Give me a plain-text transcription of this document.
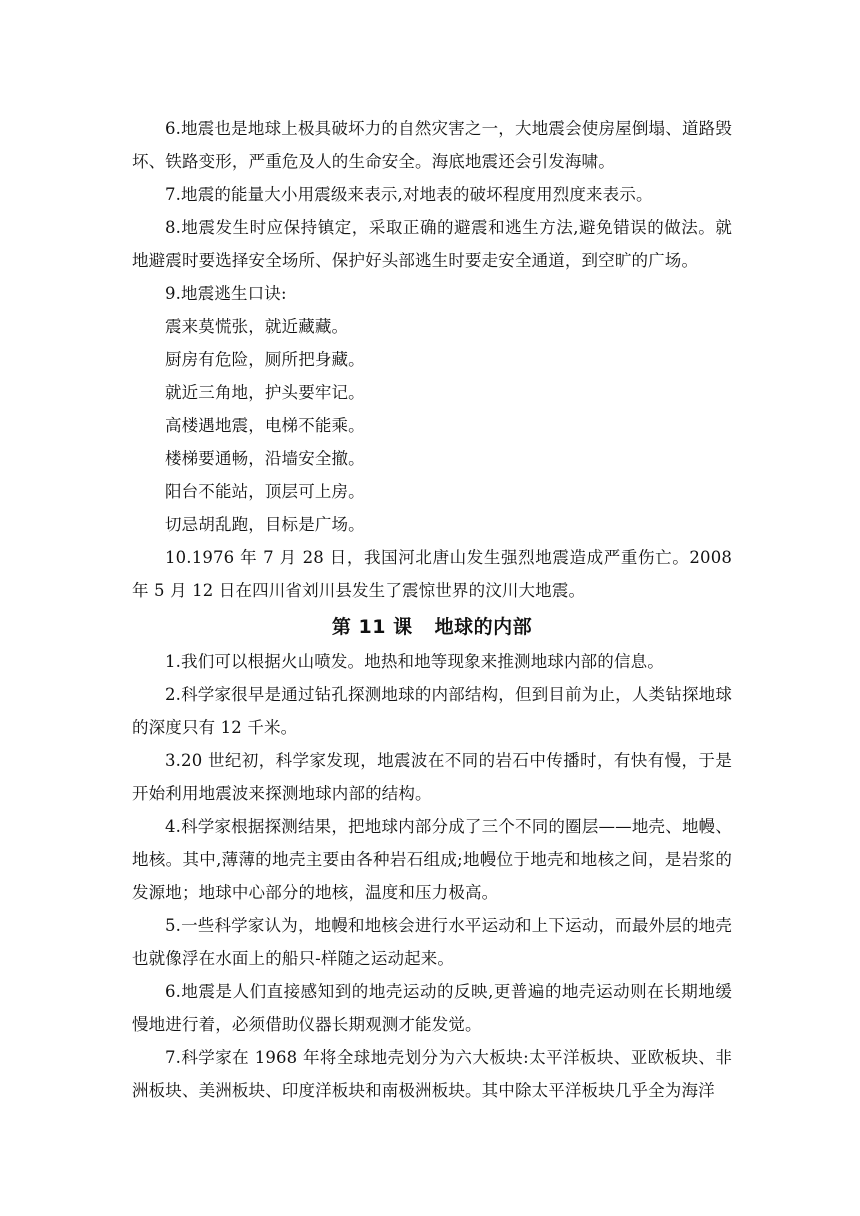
6.地震也是地球上极具破坏力的自然灾害之一，大地震会使房屋倒塌、道路毁坏、铁路变形，严重危及人的生命安全。海底地震还会引发海啸。

7.地震的能量大小用震级来表示,对地表的破坏程度用烈度来表示。

8.地震发生时应保持镇定，采取正确的避震和逃生方法,避免错误的做法。就地避震时要选择安全场所、保护好头部逃生时要走安全通道，到空旷的广场。

9.地震逃生口诀:

震来莫慌张，就近藏藏。

厨房有危险，厕所把身藏。

就近三角地，护头要牢记。

高楼遇地震，电梯不能乘。

楼梯要通畅，沿墙安全撤。

阳台不能站，顶层可上房。

切忌胡乱跑，目标是广场。

10.1976 年 7 月 28 日，我国河北唐山发生强烈地震造成严重伤亡。2008 年 5 月 12 日在四川省刘川县发生了震惊世界的汶川大地震。

第 11 课 地球的内部

1.我们可以根据火山喷发。地热和地等现象来推测地球内部的信息。

2.科学家很早是通过钻孔探测地球的内部结构，但到目前为止，人类钻探地球的深度只有 12 千米。

3.20 世纪初，科学家发现，地震波在不同的岩石中传播时，有快有慢，于是开始利用地震波来探测地球内部的结构。

4.科学家根据探测结果，把地球内部分成了三个不同的圈层——地壳、地幔、地核。其中,薄薄的地壳主要由各种岩石组成;地幔位于地壳和地核之间，是岩浆的发源地；地球中心部分的地核，温度和压力极高。

5.一些科学家认为，地幔和地核会进行水平运动和上下运动，而最外层的地壳也就像浮在水面上的船只-样随之运动起来。

6.地震是人们直接感知到的地壳运动的反映,更普遍的地壳运动则在长期地缓慢地进行着，必须借助仪器长期观测才能发觉。

7.科学家在 1968 年将全球地壳划分为六大板块:太平洋板块、亚欧板块、非洲板块、美洲板块、印度洋板块和南极洲板块。其中除太平洋板块几乎全为海洋
